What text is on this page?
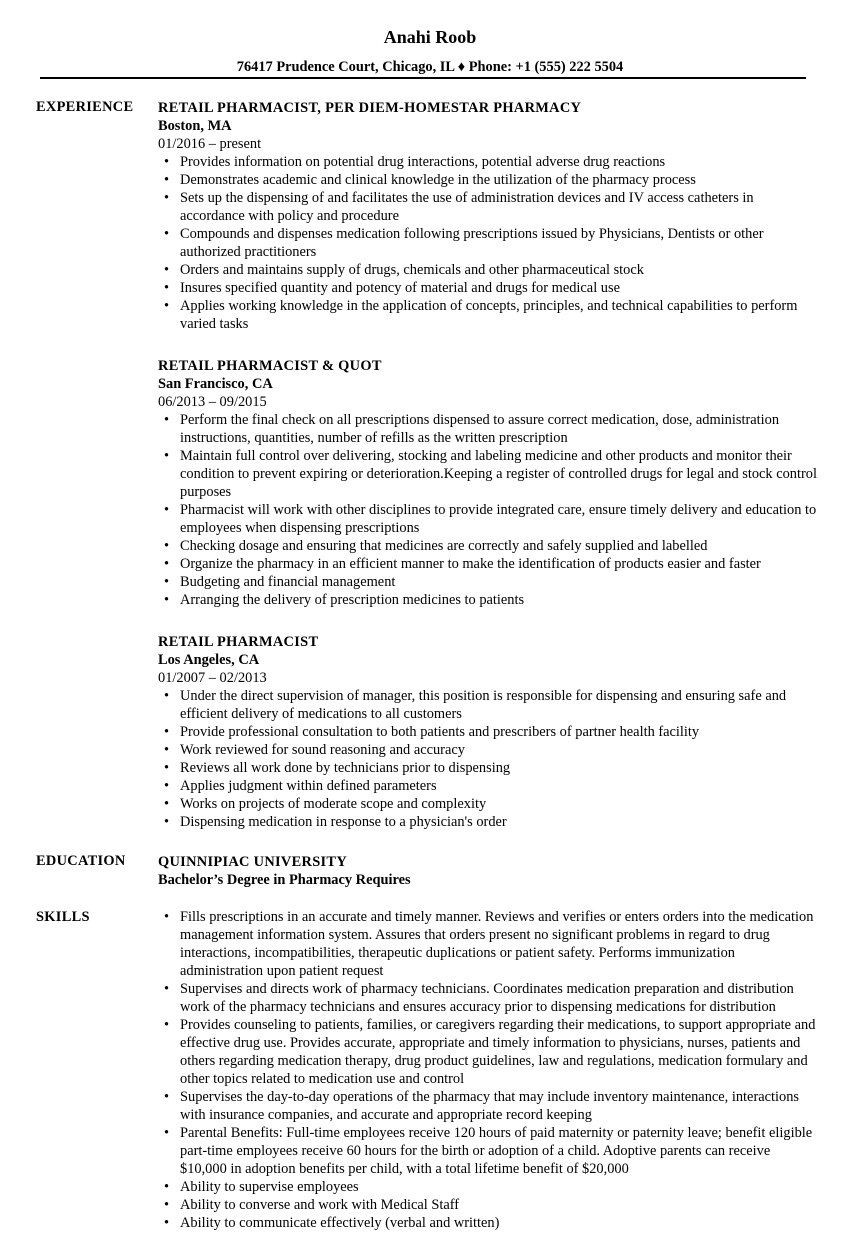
Anahi Roob
76417 Prudence Court, Chicago, IL ♦ Phone: +1 (555) 222 5504
EXPERIENCE RETAIL PHARMACIST, PER DIEM-HOMESTAR PHARMACY
Boston, MA
01/2016 – present
• Provides information on potential drug interactions, potential adverse drug reactions
• Demonstrates academic and clinical knowledge in the utilization of the pharmacy process
• Sets up the dispensing of and facilitates the use of administration devices and IV access catheters in accordance with policy and procedure
• Compounds and dispenses medication following prescriptions issued by Physicians, Dentists or other authorized practitioners
• Orders and maintains supply of drugs, chemicals and other pharmaceutical stock
• Insures specified quantity and potency of material and drugs for medical use
• Applies working knowledge in the application of concepts, principles, and technical capabilities to perform varied tasks
RETAIL PHARMACIST & QUOT
San Francisco, CA
06/2013 – 09/2015
• Perform the final check on all prescriptions dispensed to assure correct medication, dose, administration instructions, quantities, number of refills as the written prescription
• Maintain full control over delivering, stocking and labeling medicine and other products and monitor their condition to prevent expiring or deterioration.Keeping a register of controlled drugs for legal and stock control purposes
• Pharmacist will work with other disciplines to provide integrated care, ensure timely delivery and education to employees when dispensing prescriptions
• Checking dosage and ensuring that medicines are correctly and safely supplied and labelled
• Organize the pharmacy in an efficient manner to make the identification of products easier and faster
• Budgeting and financial management
• Arranging the delivery of prescription medicines to patients
RETAIL PHARMACIST
Los Angeles, CA
01/2007 – 02/2013
• Under the direct supervision of manager, this position is responsible for dispensing and ensuring safe and efficient delivery of medications to all customers
• Provide professional consultation to both patients and prescribers of partner health facility
• Work reviewed for sound reasoning and accuracy
• Reviews all work done by technicians prior to dispensing
• Applies judgment within defined parameters
• Works on projects of moderate scope and complexity
• Dispensing medication in response to a physician's order
EDUCATION QUINNIPIAC UNIVERSITY
Bachelor’s Degree in Pharmacy Requires
SKILLS
•	Fills prescriptions in an accurate and timely manner. Reviews and verifies or enters orders into the medication management information system. Assures that orders present no significant problems in regard to drug interactions, incompatibilities, therapeutic duplications or patient safety. Performs immunization administration upon patient request
• Supervises and directs work of pharmacy technicians. Coordinates medication preparation and distribution work of the pharmacy technicians and ensures accuracy prior to dispensing medications for distribution
• Provides counseling to patients, families, or caregivers regarding their medications, to support appropriate and effective drug use. Provides accurate, appropriate and timely information to physicians, nurses, patients and others regarding medication therapy, drug product guidelines, law and regulations, medication formulary and other topics related to medication use and control
• Supervises the day-to-day operations of the pharmacy that may include inventory maintenance, interactions with insurance companies, and accurate and appropriate record keeping
• Parental Benefits: Full-time employees receive 120 hours of paid maternity or paternity leave; benefit eligible part-time employees receive 60 hours for the birth or adoption of a child. Adoptive parents can receive $10,000 in adoption benefits per child, with a total lifetime benefit of $20,000
• Ability to supervise employees
• Ability to converse and work with Medical Staff
• Ability to communicate effectively (verbal and written)
